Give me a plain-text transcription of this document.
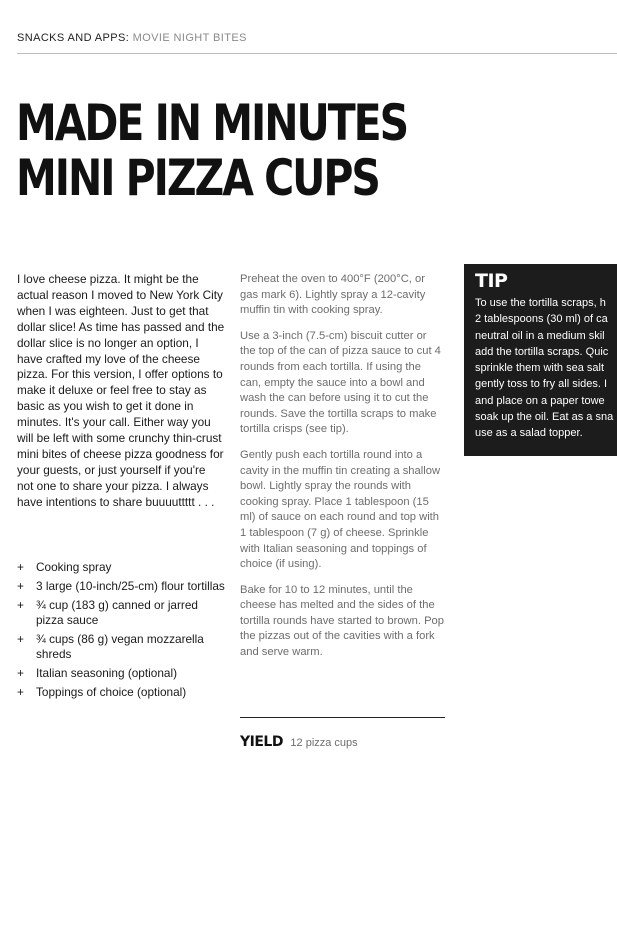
SNACKS AND APPS: MOVIE NIGHT BITES
MADE IN MINUTES
MINI PIZZA CUPS
I love cheese pizza. It might be the actual reason I moved to New York City when I was eighteen. Just to get that dollar slice! As time has passed and the dollar slice is no longer an option, I have crafted my love of the cheese pizza. For this version, I offer options to make it deluxe or feel free to stay as basic as you wish to get it done in minutes. It's your call. Either way you will be left with some crunchy thin-crust mini bites of cheese pizza goodness for your guests, or just yourself if you're not one to share your pizza. I always have intentions to share buuuuttttt . . .
+ Cooking spray
+ 3 large (10-inch/25-cm) flour tortillas
+ ¾ cup (183 g) canned or jarred pizza sauce
+ ¾ cups (86 g) vegan mozzarella shreds
+ Italian seasoning (optional)
+ Toppings of choice (optional)

Preheat the oven to 400°F (200°C, or gas mark 6). Lightly spray a 12-cavity muffin tin with cooking spray.

Use a 3-inch (7.5-cm) biscuit cutter or the top of the can of pizza sauce to cut 4 rounds from each tortilla. If using the can, empty the sauce into a bowl and wash the can before using it to cut the rounds. Save the tortilla scraps to make tortilla crisps (see tip).

Gently push each tortilla round into a cavity in the muffin tin creating a shallow bowl. Lightly spray the rounds with cooking spray. Place 1 tablespoon (15 ml) of sauce on each round and top with 1 tablespoon (7 g) of cheese. Sprinkle with Italian seasoning and toppings of choice (if using).

Bake for 10 to 12 minutes, until the cheese has melted and the sides of the tortilla rounds have started to brown. Pop the pizzas out of the cavities with a fork and serve warm.

YIELD 12 pizza cups
TIP
To use the tortilla scraps, h
2 tablespoons (30 ml) of ca
neutral oil in a medium skil
add the tortilla scraps. Quic
sprinkle them with sea salt
gently toss to fry all sides. I
and place on a paper towe
soak up the oil. Eat as a sna
use as a salad topper.
